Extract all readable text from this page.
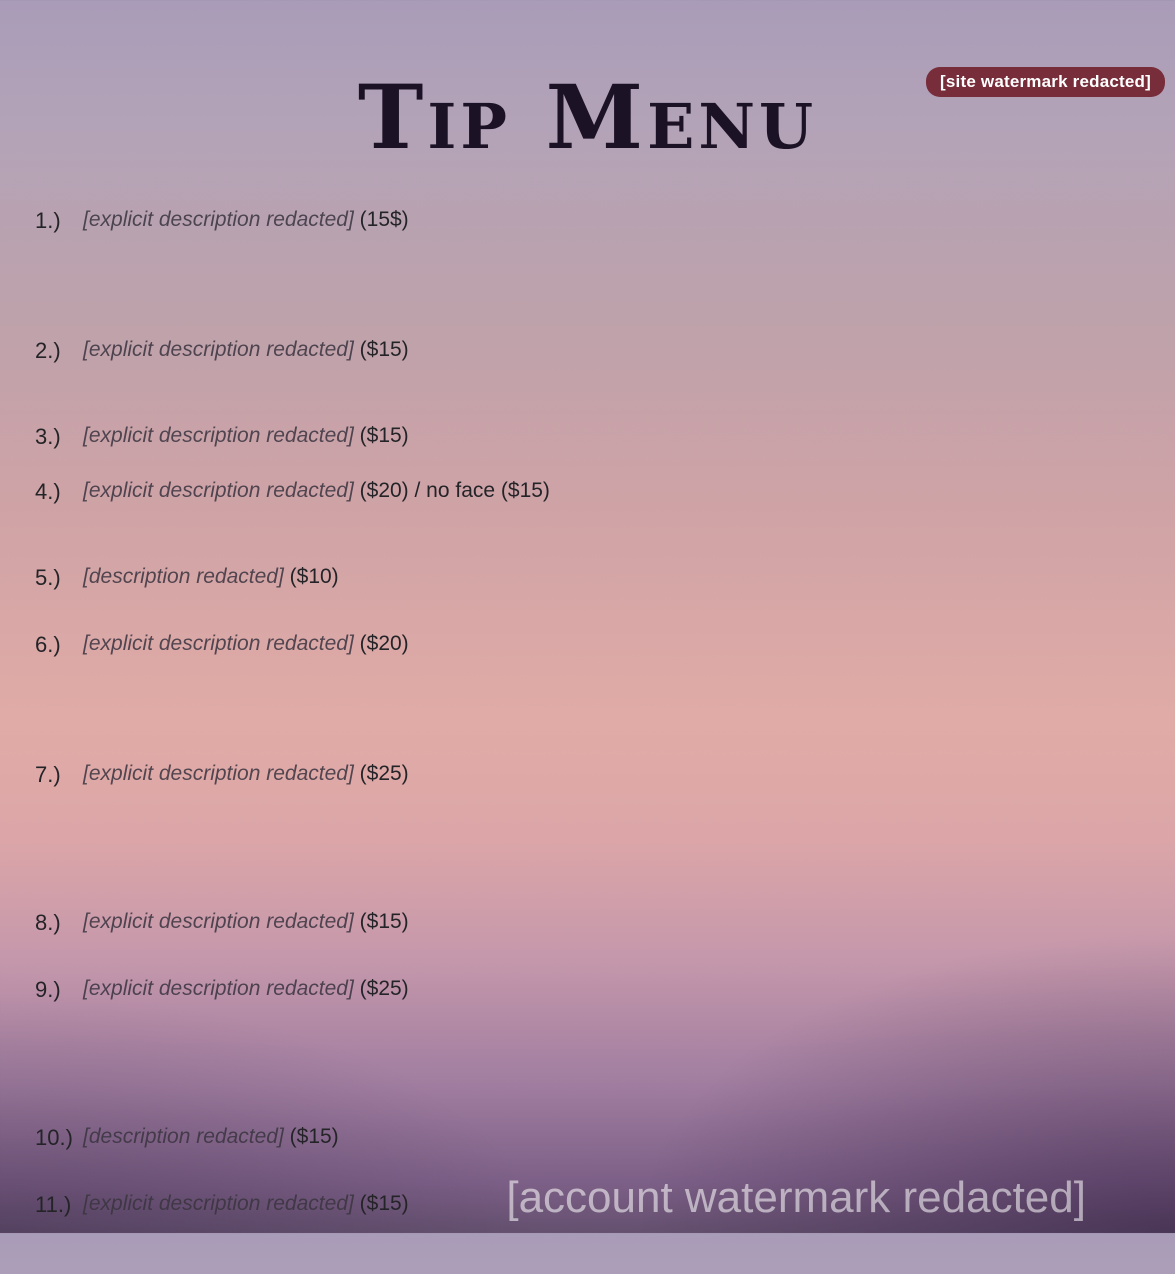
[site watermark redacted]
Tip Menu
1.)	[explicit description redacted] (15$)
2.)	[explicit description redacted] ($15)
3.)	[explicit description redacted] ($15)
4.)	[explicit description redacted] ($20) / no face ($15)
5.)	[description redacted] ($10)
6.)	[explicit description redacted] ($20)
7.)	[explicit description redacted] ($25)
8.)	[explicit description redacted] ($15)
9.)	[explicit description redacted] ($25)
10.) [description redacted] ($15)
11.) [explicit description redacted] ($15)	[account watermark redacted]
